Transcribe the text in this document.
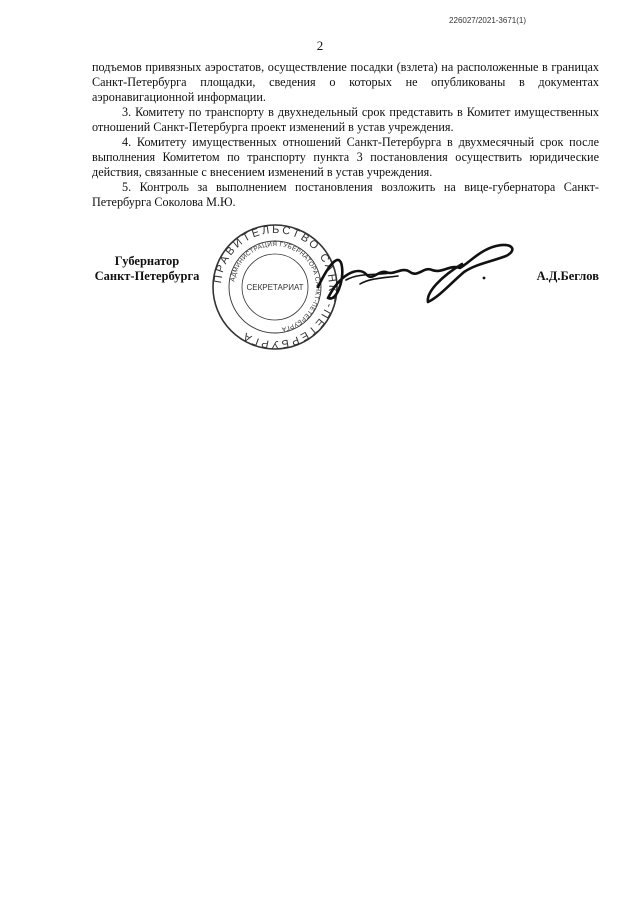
226027/2021-3671(1)
2

подъемов привязных аэростатов, осуществление посадки (взлета) на расположенные в границах Санкт-Петербурга площадки, сведения о которых не опубликованы в документах аэронавигационной информации.

3. Комитету по транспорту в двухнедельный срок представить в Комитет имущественных отношений Санкт-Петербурга проект изменений в устав учреждения.

4. Комитету имущественных отношений Санкт-Петербурга в двухмесячный срок после выполнения Комитетом по транспорту пункта 3 постановления осуществить юридические действия, связанные с внесением изменений в устав учреждения.

5. Контроль за выполнением постановления возложить на вице-губернатора Санкт-Петербурга Соколова М.Ю.

Губернатор
Санкт-Петербурга ПРАВИТЕЛЬСТВО САНКТ-ПЕТЕРБУРГА
АДМИНИСТРАЦИЯ ГУБЕРНАТОРА САНКТ-ПЕТЕРБУРГА
СЕКРЕТАРИАТ
А.Д.Беглов
